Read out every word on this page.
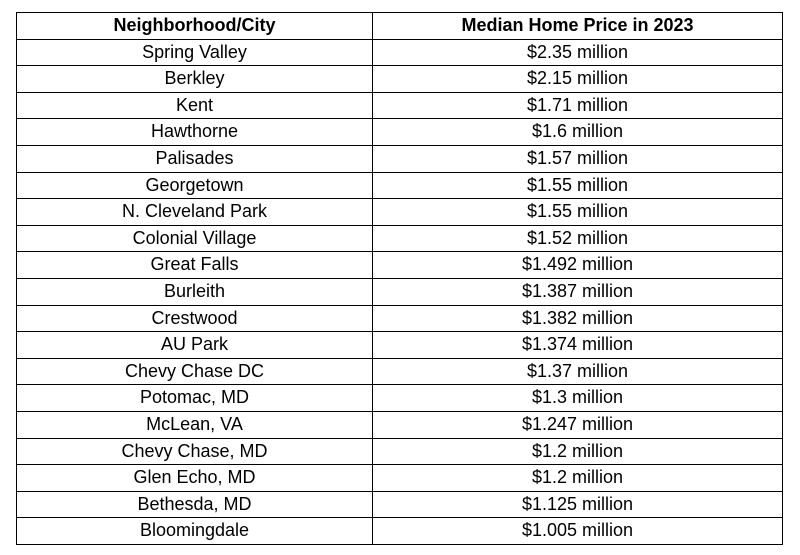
Neighborhood/City	Median Home Price in 2023
Spring Valley	$2.35 million
Berkley	$2.15 million
Kent	$1.71 million
Hawthorne	$1.6 million
Palisades	$1.57 million
Georgetown	$1.55 million
N. Cleveland Park	$1.55 million
Colonial Village	$1.52 million
Great Falls	$1.492 million
Burleith	$1.387 million
Crestwood	$1.382 million
AU Park	$1.374 million
Chevy Chase DC	$1.37 million
Potomac, MD	$1.3 million
McLean, VA	$1.247 million
Chevy Chase, MD	$1.2 million
Glen Echo, MD	$1.2 million
Bethesda, MD	$1.125 million
Bloomingdale	$1.005 million
